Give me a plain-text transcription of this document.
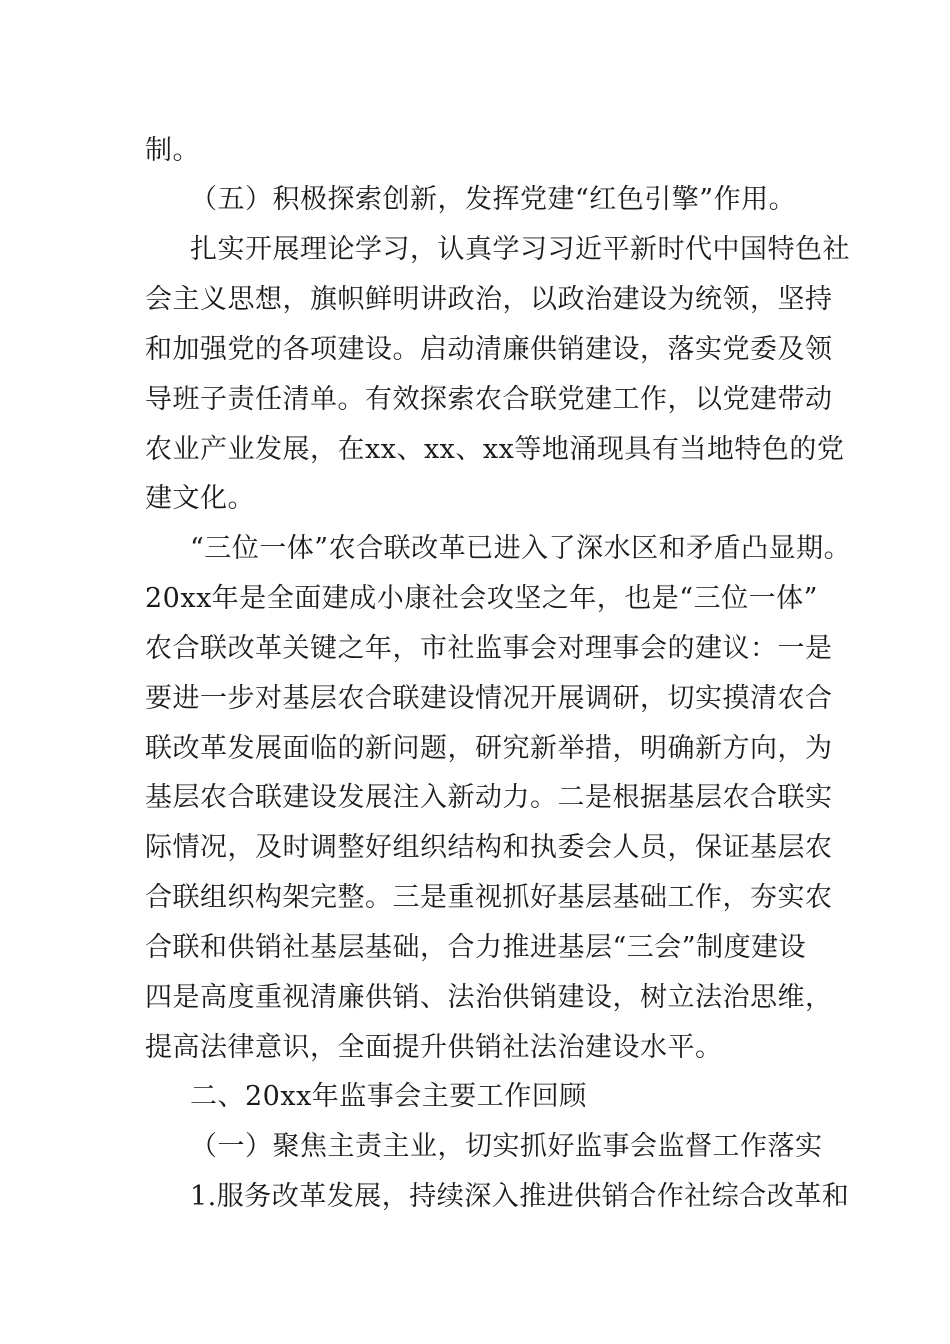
制。
（五）积极探索创新，发挥党建“红色引擎”作用。
扎实开展理论学习，认真学习习近平新时代中国特色社
会主义思想，旗帜鲜明讲政治，以政治建设为统领，坚持
和加强党的各项建设。启动清廉供销建设，落实党委及领
导班子责任清单。有效探索农合联党建工作，以党建带动
农业产业发展，在xx、xx、xx等地涌现具有当地特色的党
建文化。
“三位一体”农合联改革已进入了深水区和矛盾凸显期。
20xx年是全面建成小康社会攻坚之年，也是“三位一体”
农合联改革关键之年，市社监事会对理事会的建议：一是
要进一步对基层农合联建设情况开展调研，切实摸清农合
联改革发展面临的新问题，研究新举措，明确新方向，为
基层农合联建设发展注入新动力。二是根据基层农合联实
际情况，及时调整好组织结构和执委会人员，保证基层农
合联组织构架完整。三是重视抓好基层基础工作，夯实农
合联和供销社基层基础，合力推进基层“三会”制度建设
四是高度重视清廉供销、法治供销建设，树立法治思维，
提高法律意识，全面提升供销社法治建设水平。
二、20xx年监事会主要工作回顾
（一）聚焦主责主业，切实抓好监事会监督工作落实
1.服务改革发展，持续深入推进供销合作社综合改革和
